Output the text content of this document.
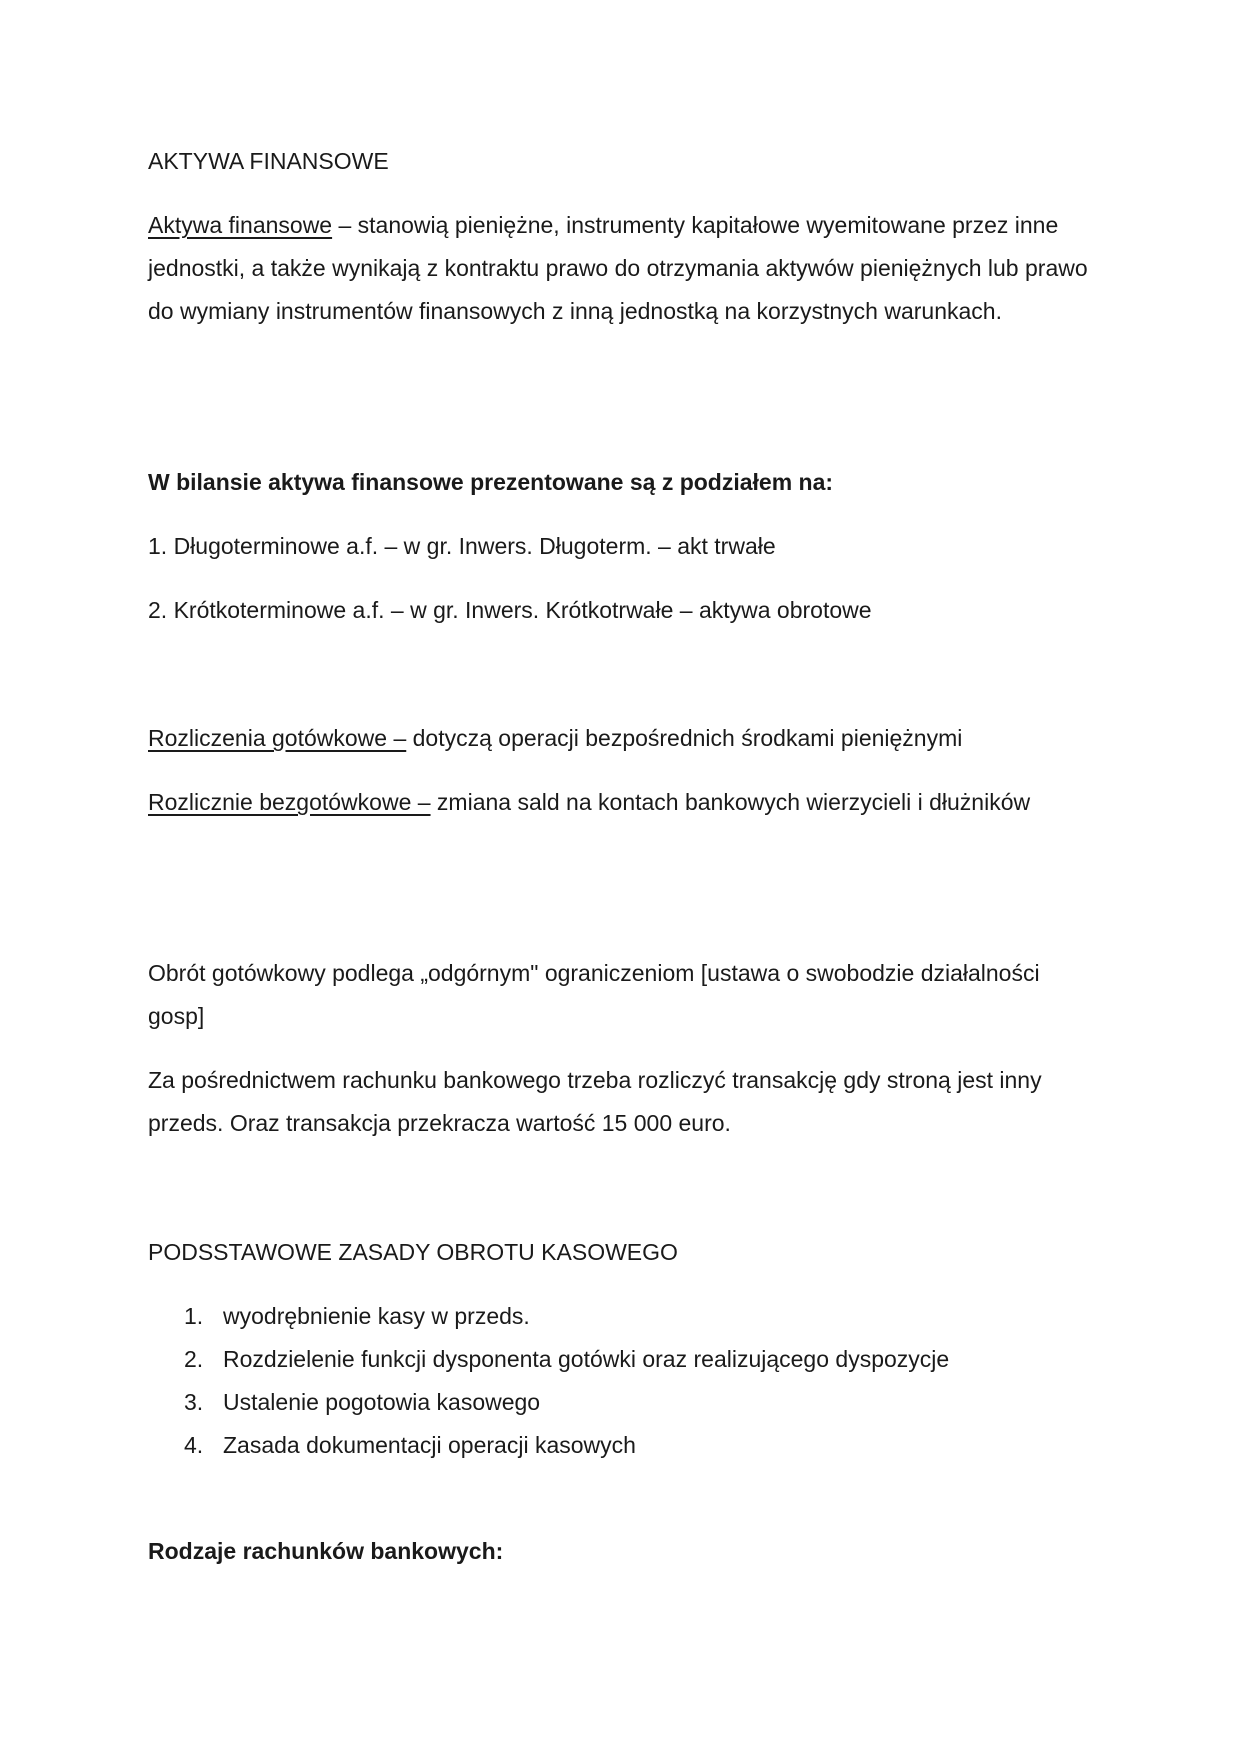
AKTYWA FINANSOWE

Aktywa finansowe – stanowią pieniężne, instrumenty kapitałowe wyemitowane przez inne jednostki, a także wynikają z kontraktu prawo do otrzymania aktywów pieniężnych lub prawo do wymiany instrumentów finansowych z inną jednostką na korzystnych warunkach.

W bilansie aktywa finansowe prezentowane są z podziałem na:

1. Długoterminowe a.f. – w gr. Inwers. Długoterm. – akt trwałe

2. Krótkoterminowe a.f. – w gr. Inwers. Krótkotrwałe – aktywa obrotowe

Rozliczenia gotówkowe – dotyczą operacji bezpośrednich środkami pieniężnymi

Rozlicznie bezgotówkowe – zmiana sald na kontach bankowych wierzycieli i dłużników

Obrót gotówkowy podlega „odgórnym" ograniczeniom [ustawa o swobodzie działalności gosp]

Za pośrednictwem rachunku bankowego trzeba rozliczyć transakcję gdy stroną jest inny przeds. Oraz transakcja przekracza wartość 15 000 euro.

PODSSTAWOWE ZASADY OBROTU KASOWEGO

1. wyodrębnienie kasy w przeds.
2. Rozdzielenie funkcji dysponenta gotówki oraz realizującego dyspozycje
3. Ustalenie pogotowia kasowego
4. Zasada dokumentacji operacji kasowych

Rodzaje rachunków bankowych:
